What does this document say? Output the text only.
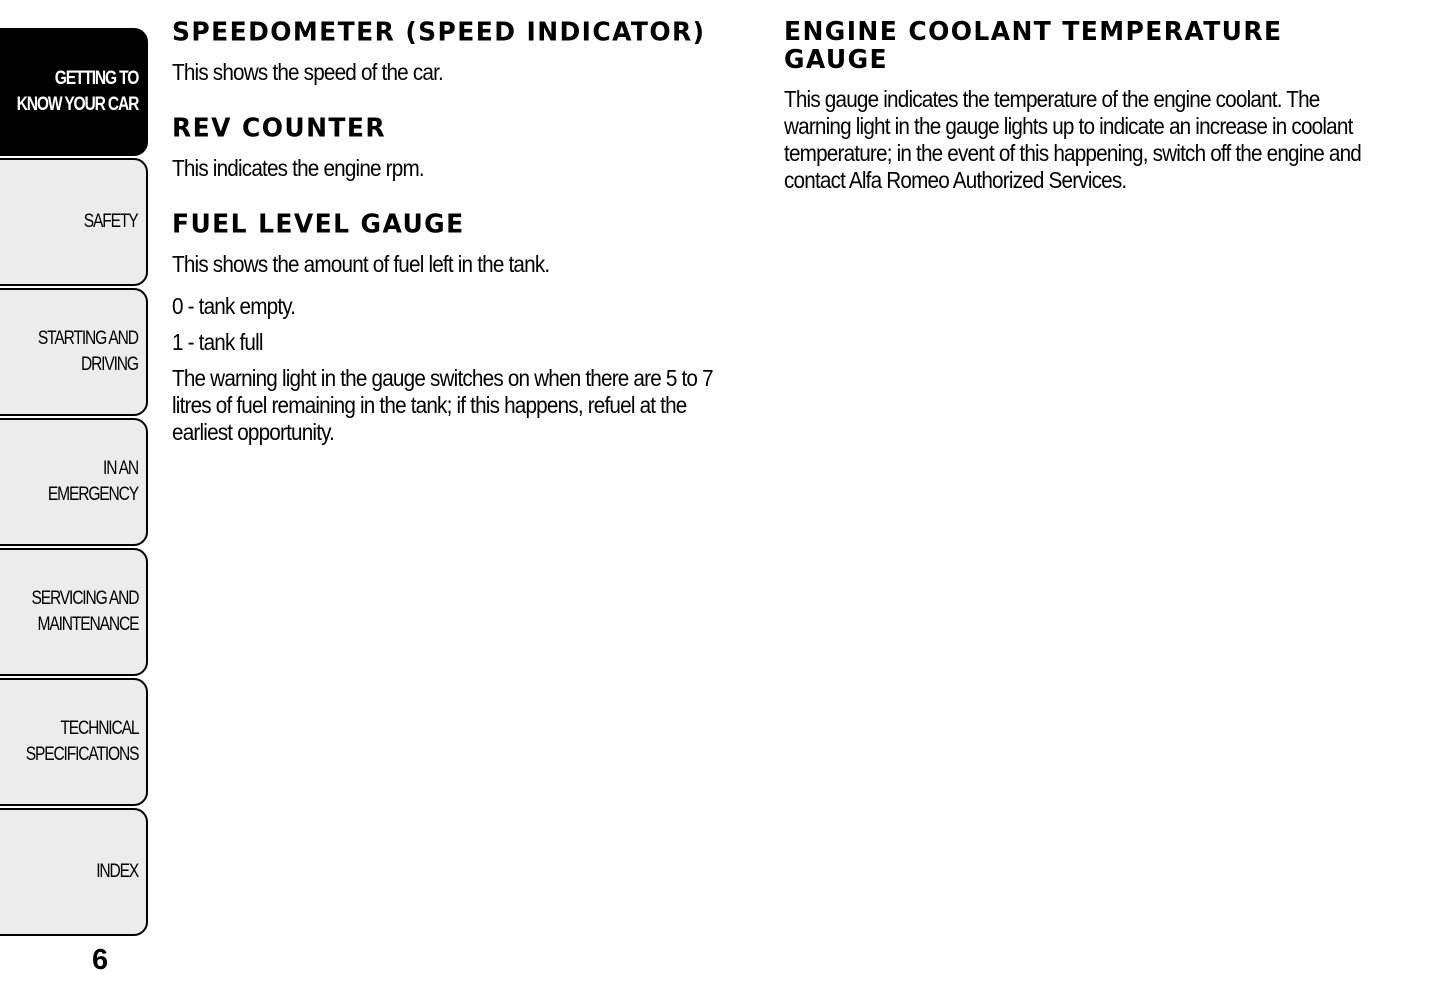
GETTING TO
KNOW YOUR CAR
SAFETY
STARTING AND
DRIVING
IN AN EMERGENCY
SERVICING AND
MAINTENANCE
TECHNICAL
SPECIFICATIONS
INDEX
6
SPEEDOMETER (SPEED INDICATOR)

This shows the speed of the car.

REV COUNTER

This indicates the engine rpm.

FUEL LEVEL GAUGE

This shows the amount of fuel left in the tank.

0 - tank empty.

1 - tank full

The warning light in the gauge switches on when there are 5 to 7 litres of fuel remaining in the tank; if this happens, refuel at the earliest opportunity.

ENGINE COOLANT TEMPERATURE GAUGE

This gauge indicates the temperature of the engine coolant. The warning light in the gauge lights up to indicate an increase in coolant temperature; in the event of this happening, switch off the engine and contact Alfa Romeo Authorized Services.
